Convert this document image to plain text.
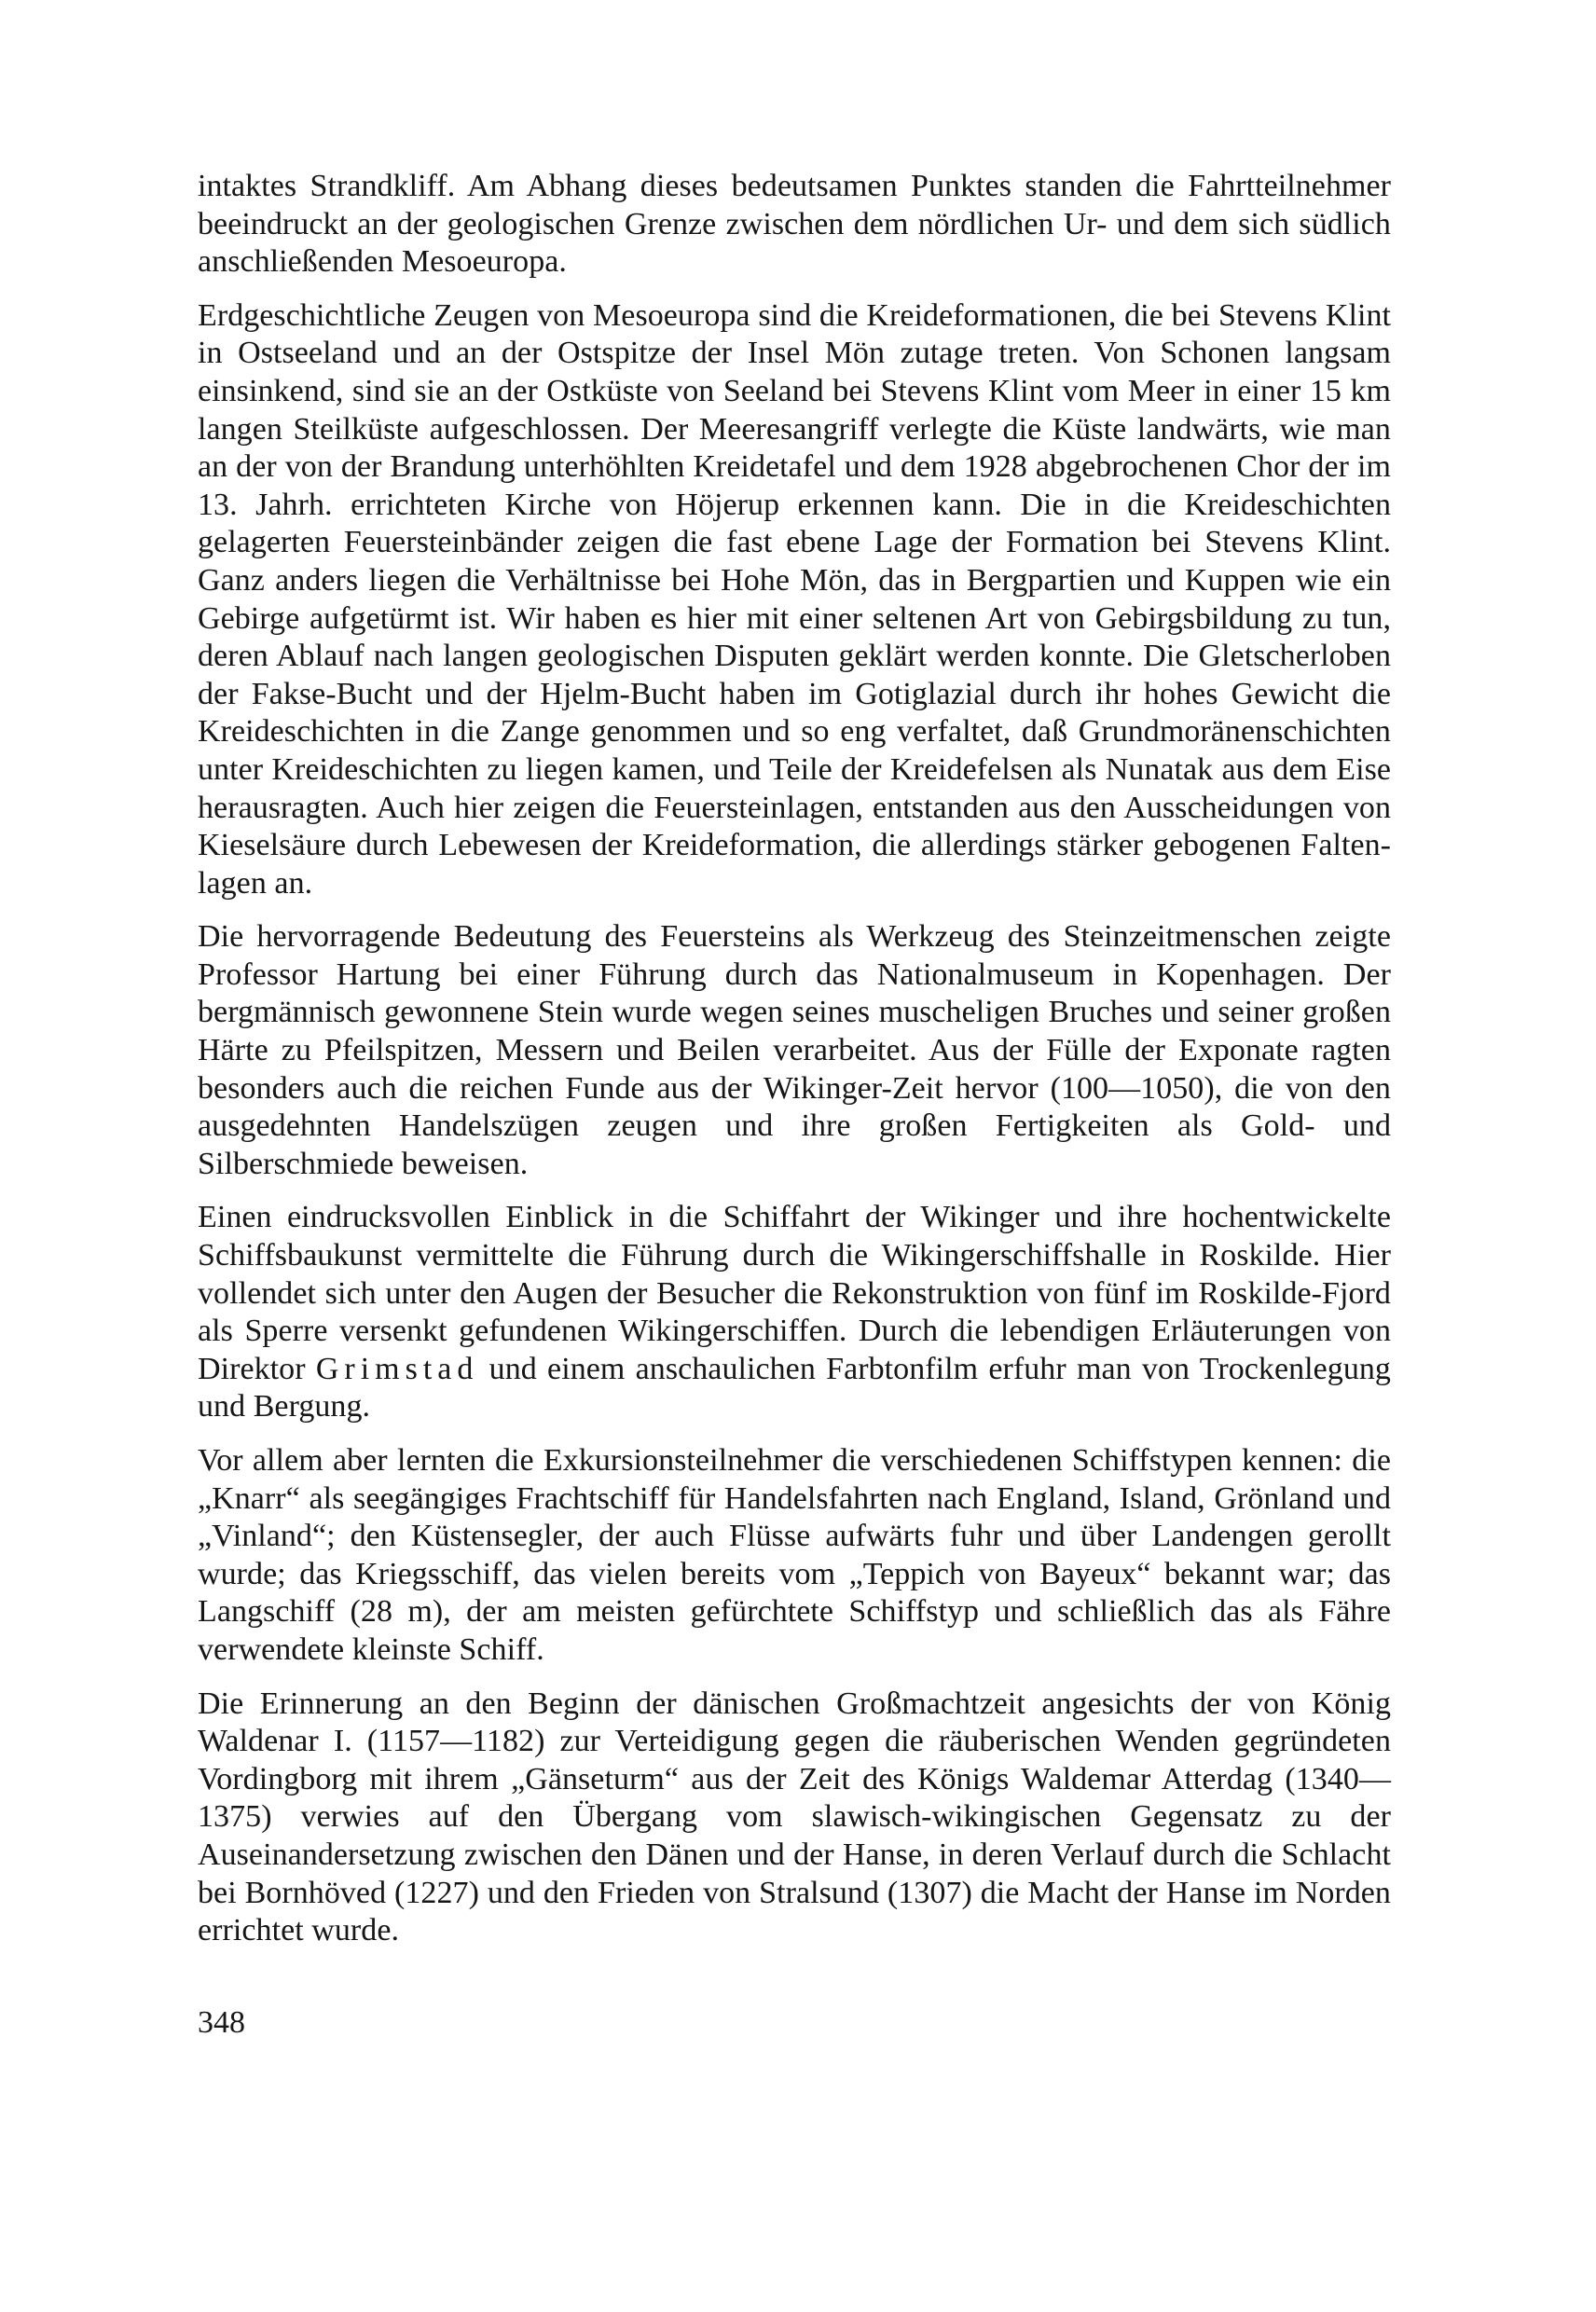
intaktes Strandkliff. Am Abhang dieses bedeutsamen Punktes standen die Fahrtteilnehmer beeindruckt an der geologischen Grenze zwischen dem nördlichen Ur- und dem sich südlich anschließenden Mesoeuropa.

Erdgeschichtliche Zeugen von Mesoeuropa sind die Kreideformationen, die bei Stevens Klint in Ostseeland und an der Ostspitze der Insel Mön zutage treten. Von Schonen langsam einsinkend, sind sie an der Ostküste von Seeland bei Stevens Klint vom Meer in einer 15 km langen Steilküste aufgeschlossen. Der Meeresangriff verlegte die Küste landwärts, wie man an der von der Brandung unterhöhlten Kreidetafel und dem 1928 abgebrochenen Chor der im 13. Jahrh. errichteten Kirche von Höjerup erkennen kann. Die in die Kreideschichten gelagerten Feuersteinbänder zeigen die fast ebene Lage der Formation bei Stevens Klint. Ganz anders liegen die Verhältnisse bei Hohe Mön, das in Bergpartien und Kuppen wie ein Gebirge aufgetürmt ist. Wir haben es hier mit einer seltenen Art von Gebirgsbildung zu tun, deren Ablauf nach langen geologischen Disputen geklärt werden konnte. Die Gletscherloben der Fakse-Bucht und der Hjelm-Bucht haben im Gotiglazial durch ihr hohes Gewicht die Kreideschichten in die Zange genommen und so eng verfaltet, daß Grundmoränenschichten unter Kreideschichten zu liegen kamen, und Teile der Kreidefelsen als Nunatak aus dem Eise herausragten. Auch hier zeigen die Feuersteinlagen, entstanden aus den Ausscheidungen von Kieselsäure durch Lebewesen der Kreideformation, die allerdings stärker gebogenen Faltenlagen an.

Die hervorragende Bedeutung des Feuersteins als Werkzeug des Steinzeitmenschen zeigte Professor Hartung bei einer Führung durch das Nationalmuseum in Kopenhagen. Der bergmännisch gewonnene Stein wurde wegen seines muscheligen Bruches und seiner großen Härte zu Pfeilspitzen, Messern und Beilen verarbeitet. Aus der Fülle der Exponate ragten besonders auch die reichen Funde aus der Wikinger-Zeit hervor (100—1050), die von den ausgedehnten Handelszügen zeugen und ihre großen Fertigkeiten als Gold- und Silberschmiede beweisen.

Einen eindrucksvollen Einblick in die Schiffahrt der Wikinger und ihre hochentwickelte Schiffsbaukunst vermittelte die Führung durch die Wikingerschiffshalle in Roskilde. Hier vollendet sich unter den Augen der Besucher die Rekonstruktion von fünf im Roskilde-Fjord als Sperre versenkt gefundenen Wikingerschiffen. Durch die lebendigen Erläuterungen von Direktor Grimstad und einem anschaulichen Farbtonfilm erfuhr man von Trockenlegung und Bergung.

Vor allem aber lernten die Exkursionsteilnehmer die verschiedenen Schiffstypen kennen: die „Knarr“ als seegängiges Frachtschiff für Handelsfahrten nach England, Island, Grönland und „Vinland“; den Küstensegler, der auch Flüsse aufwärts fuhr und über Landengen gerollt wurde; das Kriegsschiff, das vielen bereits vom „Teppich von Bayeux“ bekannt war; das Langschiff (28 m), der am meisten gefürchtete Schiffstyp und schließlich das als Fähre verwendete kleinste Schiff.

Die Erinnerung an den Beginn der dänischen Großmachtzeit angesichts der von König Waldenar I. (1157—1182) zur Verteidigung gegen die räuberischen Wenden gegründeten Vordingborg mit ihrem „Gänseturm“ aus der Zeit des Königs Waldemar Atterdag (1340—1375) verwies auf den Übergang vom slawisch-wikingischen Gegensatz zu der Auseinandersetzung zwischen den Dänen und der Hanse, in deren Verlauf durch die Schlacht bei Bornhöved (1227) und den Frieden von Stralsund (1307) die Macht der Hanse im Norden errichtet wurde.

348
